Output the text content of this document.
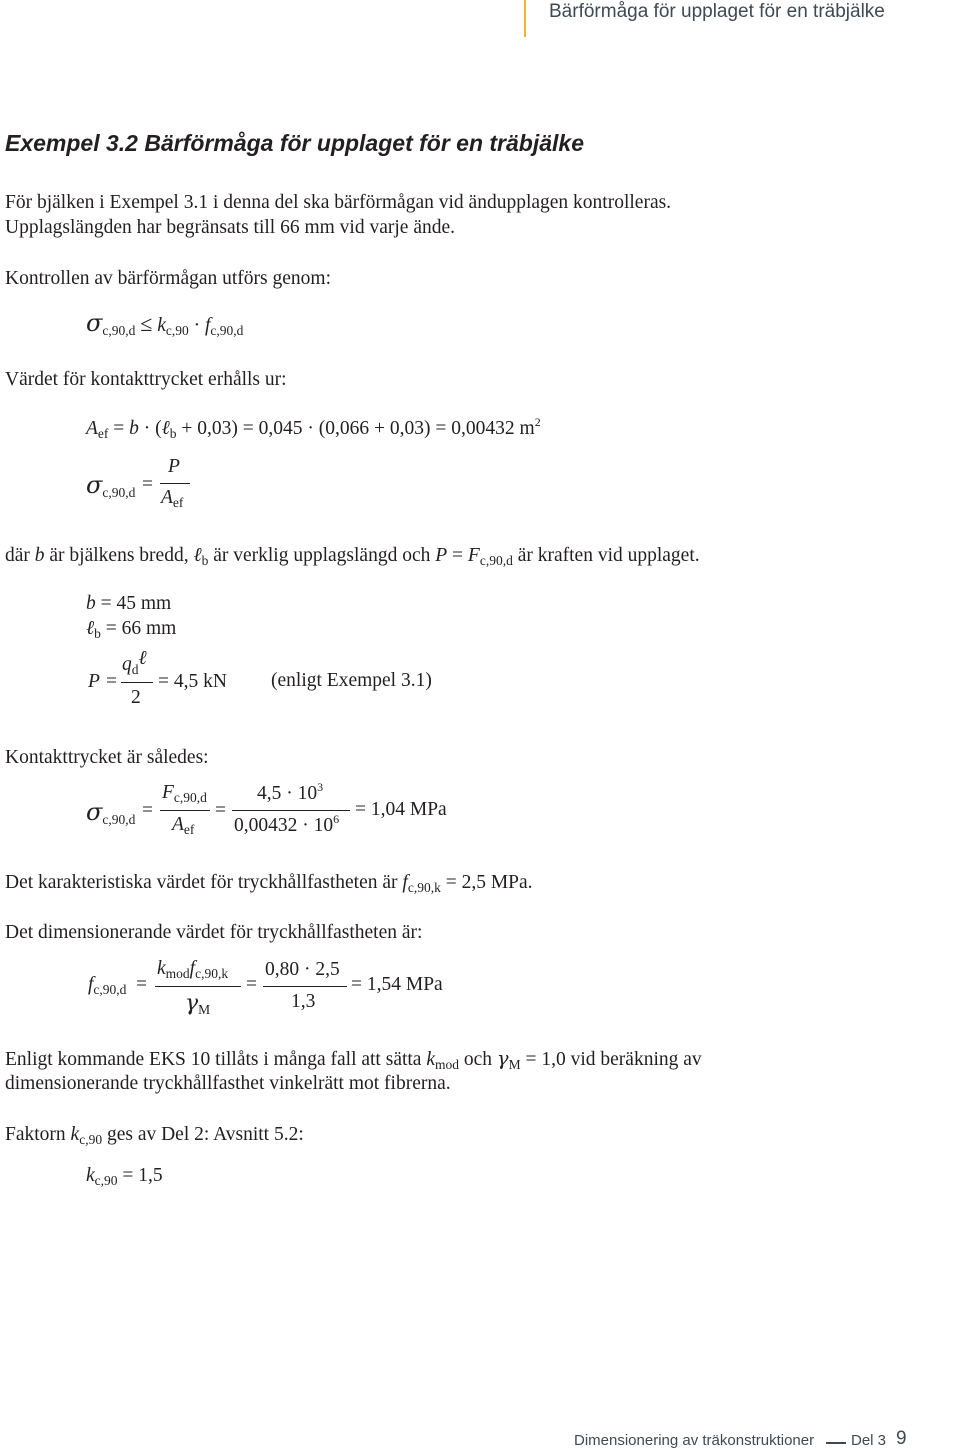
Bärförmåga för upplaget för en träbjälke
Exempel 3.2 Bärförmåga för upplaget för en träbjälke
För bjälken i Exempel 3.1 i denna del ska bärförmågan vid ändupplagen kontrolleras.
Upplagslängden har begränsats till 66 mm vid varje ände.
Kontrollen av bärförmågan utförs genom:
$\sigma_{c,90,d} \le k_{c,90} \cdot f_{c,90,d}$
Värdet för kontakttrycket erhålls ur:
$A_{ef} = b$ · (ℓ$_b$ + 0,03) = 0,045 · (0,066 + 0,03) = 0,00432 $m^2$
$\sigma_{c,90,d}$ =
P
$A_{ef}$
där b är bjälkens bredd, ℓ$_b$ är verklig upplagslängd och $P = F_{c,90,d}$ är kraften vid upplaget.
b = 45 mm
ℓ$_b$ = 66 mm
P =
$q_d\ell$
2
= 4,5 kN (enligt Exempel 3.1)
Kontakttrycket är således:
$\sigma_{c,90,d}$ =
$F_{c,90,d}$
$A_{ef}$
=
$4,5 \cdot 10^3$
$0,00432 \cdot 10^6 = 1,04$ MPa
Det karakteristiska värdet för tryckhållfastheten är $f_{c,90,k} = 2,5$ MPa.
Det dimensionerande värdet för tryckhållfastheten är:
$f_{c,90,d}$ =
$k_{mod}f_{c,90,k}$
$\gamma_M$
=
0,80 · 2,5
1,3
= 1,54 MPa
Enligt kommande EKS 10 tillåts i många fall att sätta $k_{mod}$ och $\gamma_M = 1,0$ vid beräkning av
dimensionerande tryckhållfasthet vinkelrätt mot fibrerna.
Faktorn $k_{c,90}$ ges av Del 2: Avsnitt 5.2:
$k_{c,90} = 1,5$
Dimensionering av träkonstruktioner Del 3 9
